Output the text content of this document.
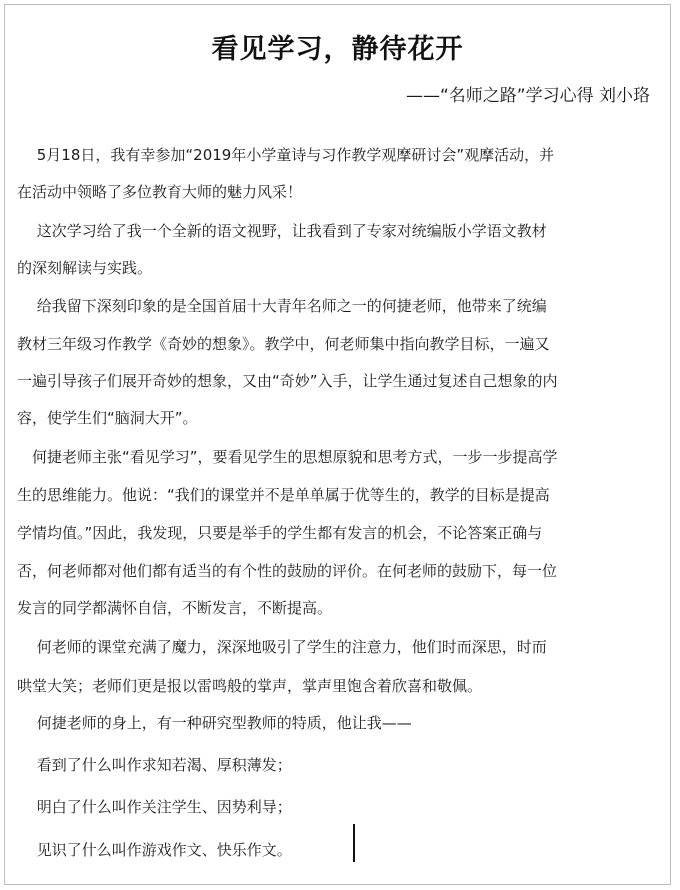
看见学习，静待花开
——“名师之路”学习心得 刘小珞
　 5月18日，我有幸参加“2019年小学童诗与习作教学观摩研讨会”观摩活动，并
在活动中领略了多位教育大师的魅力风采！
　 这次学习给了我一个全新的语文视野，让我看到了专家对统编版小学语文教材
的深刻解读与实践。
　 给我留下深刻印象的是全国首届十大青年名师之一的何捷老师，他带来了统编
教材三年级习作教学《奇妙的想象》。教学中，何老师集中指向教学目标，一遍又
一遍引导孩子们展开奇妙的想象，又由“奇妙”入手，让学生通过复述自己想象的内
容，使学生们“脑洞大开”。
　何捷老师主张“看见学习”，要看见学生的思想原貌和思考方式，一步一步提高学
生的思维能力。他说：“我们的课堂并不是单单属于优等生的，教学的目标是提高
学情均值。”因此，我发现，只要是举手的学生都有发言的机会，不论答案正确与
否，何老师都对他们都有适当的有个性的鼓励的评价。在何老师的鼓励下，每一位
发言的同学都满怀自信，不断发言，不断提高。
　 何老师的课堂充满了魔力，深深地吸引了学生的注意力，他们时而深思，时而
哄堂大笑；老师们更是报以雷鸣般的掌声，掌声里饱含着欣喜和敬佩。
　 何捷老师的身上，有一种研究型教师的特质，他让我——
　 看到了什么叫作求知若渴、厚积薄发；
　 明白了什么叫作关注学生、因势利导；
　 见识了什么叫作游戏作文、快乐作文。
